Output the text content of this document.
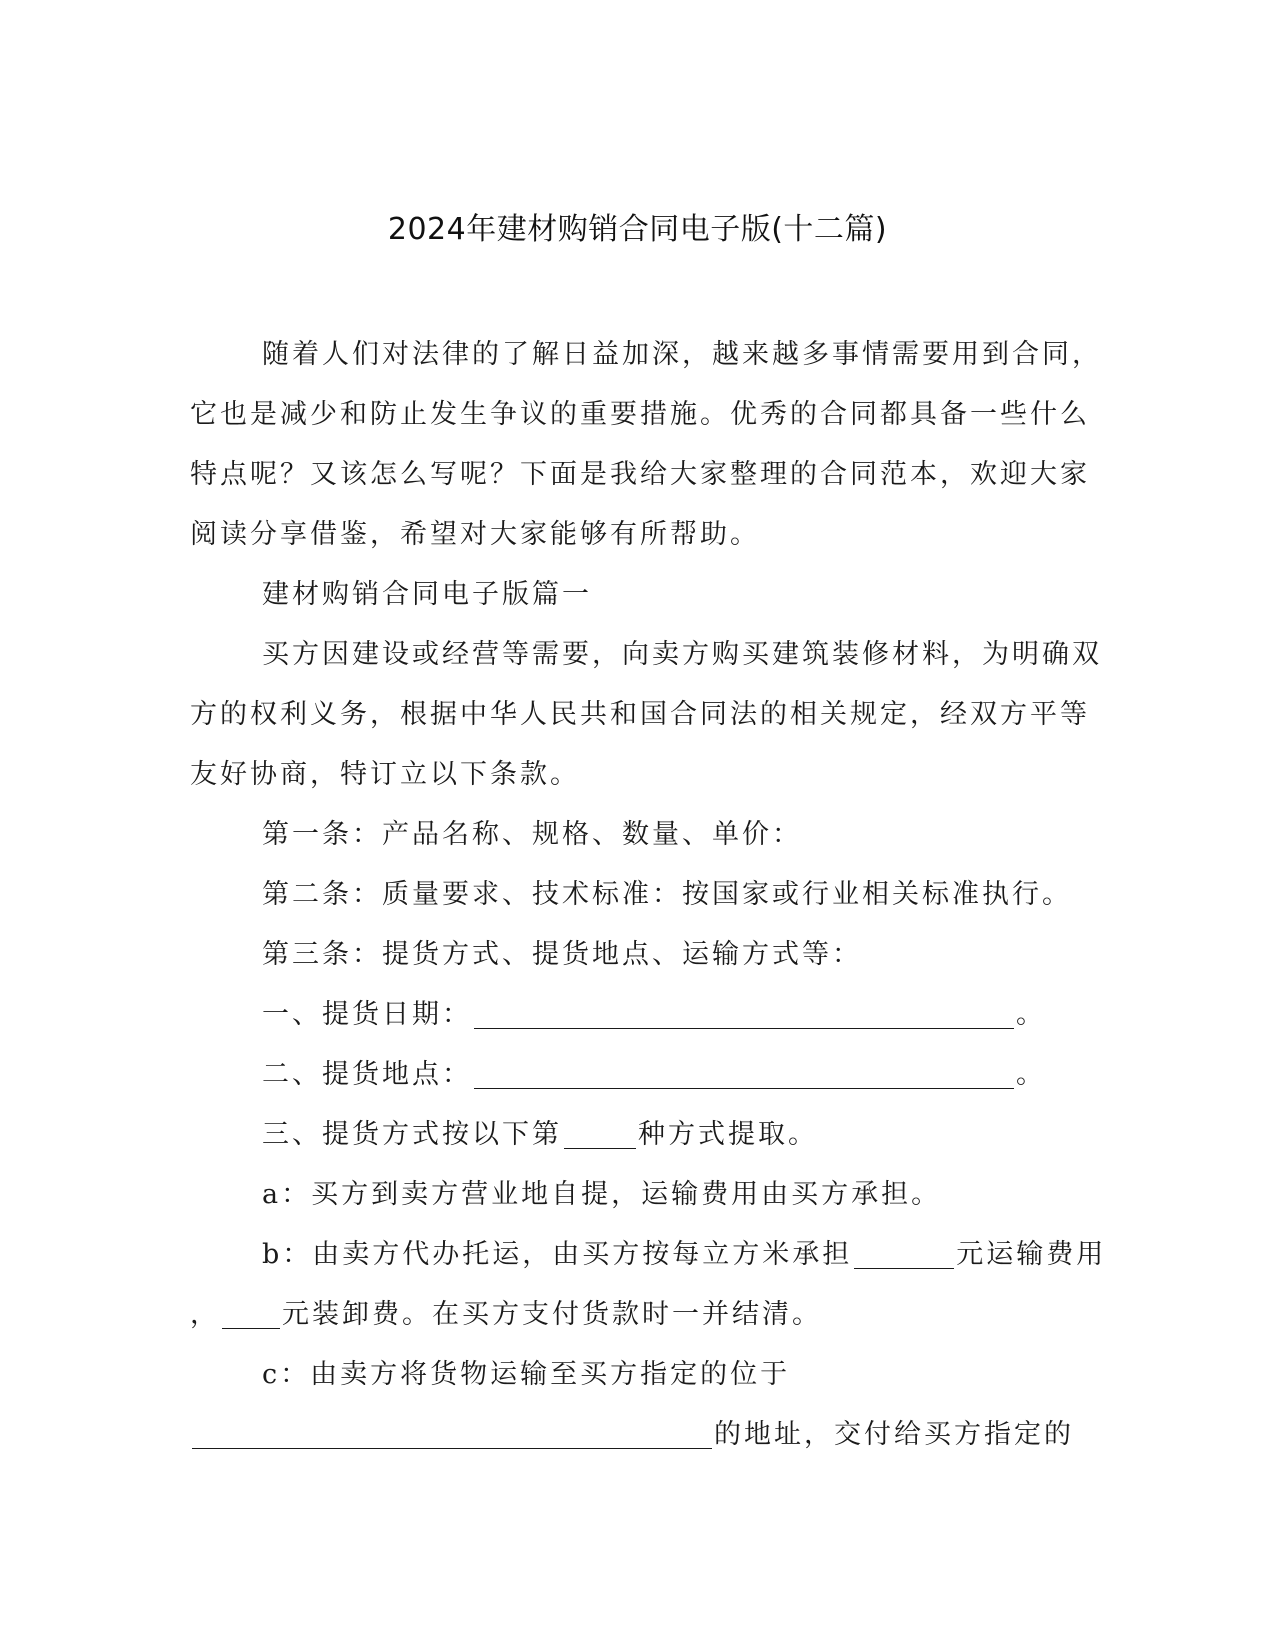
2024年建材购销合同电子版(十二篇)
随着人们对法律的了解日益加深，越来越多事情需要用到合同，
它也是减少和防止发生争议的重要措施。优秀的合同都具备一些什么
特点呢？又该怎么写呢？下面是我给大家整理的合同范本，欢迎大家
阅读分享借鉴，希望对大家能够有所帮助。
建材购销合同电子版篇一
买方因建设或经营等需要，向卖方购买建筑装修材料，为明确双
方的权利义务，根据中华人民共和国合同法的相关规定，经双方平等
友好协商，特订立以下条款。
第一条：产品名称、规格、数量、单价：
第二条：质量要求、技术标准：按国家或行业相关标准执行。
第三条：提货方式、提货地点、运输方式等：
一、提货日期：	。
二、提货地点：	。
三、提货方式按以下第	种方式提取。
a：买方到卖方营业地自提，运输费用由买方承担。
b：由卖方代办托运，由买方按每立方米承担	元运输费用
， 元装卸费。在买方支付货款时一并结清。
c：由卖方将货物运输至买方指定的位于
的地址，交付给买方指定的
